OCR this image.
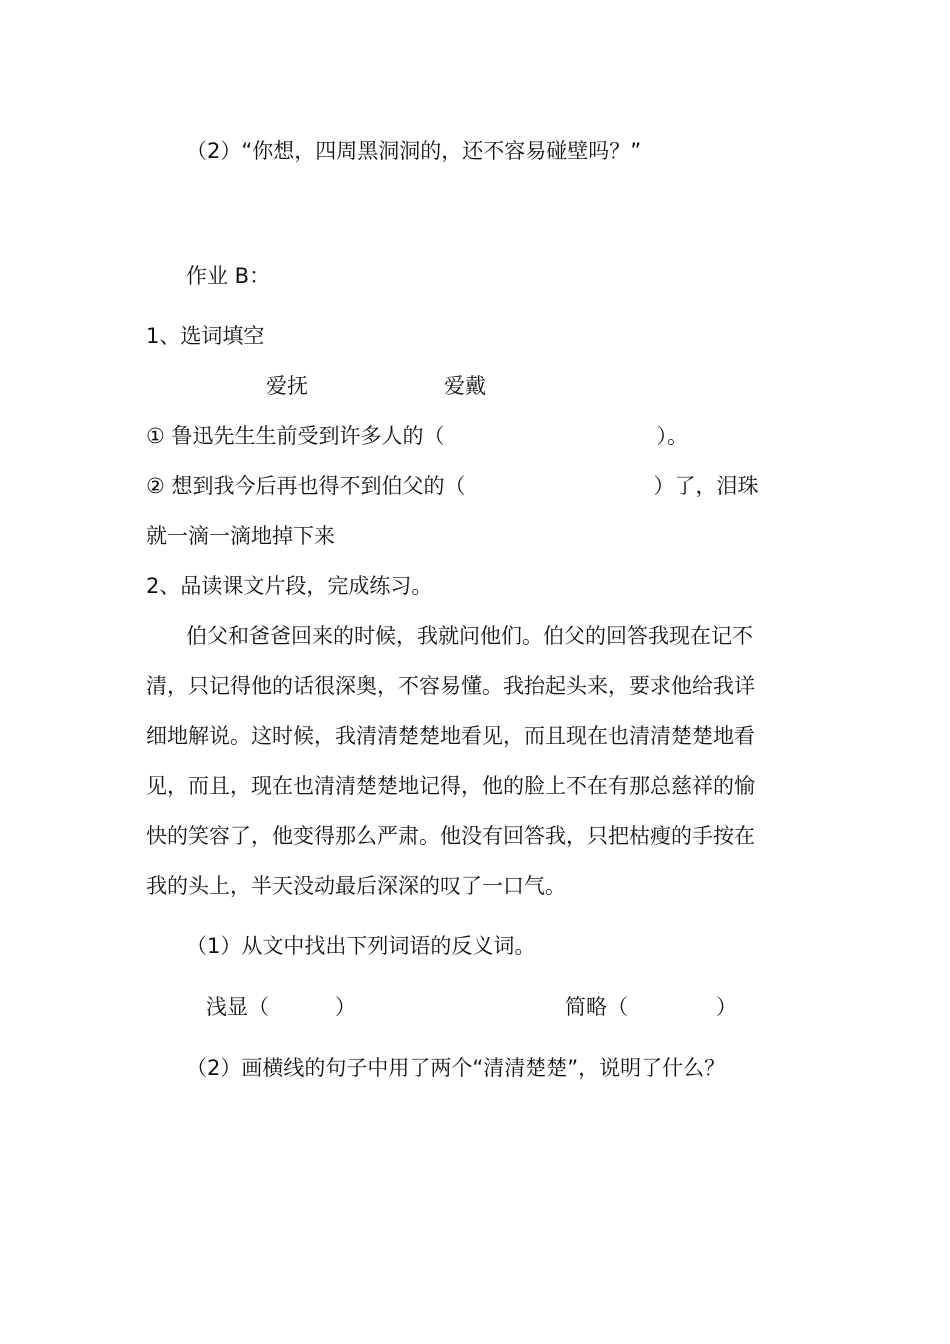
（2）“你想，四周黑洞洞的，还不容易碰壁吗？”

作业 B：

1、选词填空

爱抚	爱戴

① 鲁迅先生生前受到许多人的（	）。

② 想到我今后再也得不到伯父的（	）了，泪珠

就一滴一滴地掉下来

2、品读课文片段，完成练习。

伯父和爸爸回来的时候，我就问他们。伯父的回答我现在记不

清，只记得他的话很深奥，不容易懂。我抬起头来，要求他给我详

细地解说。这时候，我清清楚楚地看见，而且现在也清清楚楚地看

见，而且，现在也清清楚楚地记得，他的脸上不在有那总慈祥的愉

快的笑容了，他变得那么严肃。他没有回答我，只把枯瘦的手按在

我的头上，半天没动最后深深的叹了一口气。

（1）从文中找出下列词语的反义词。

浅显（	）	简略（	）

（2）画横线的句子中用了两个“清清楚楚”，说明了什么？
